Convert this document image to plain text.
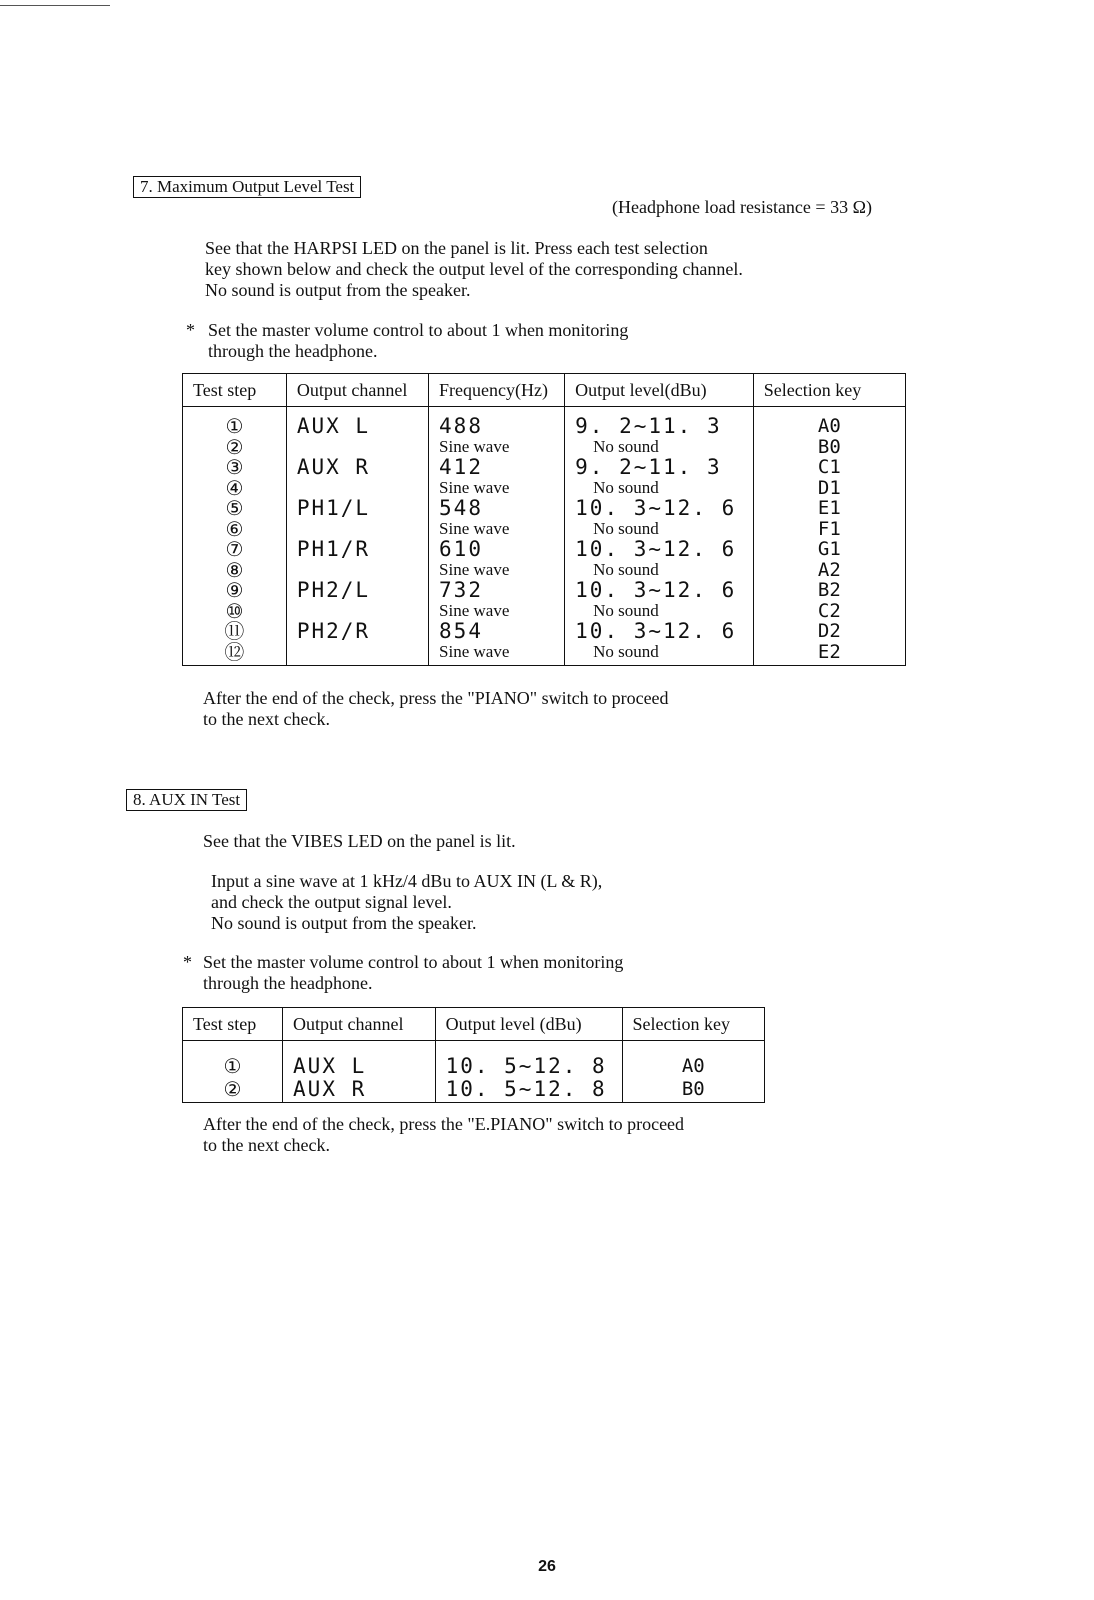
7. Maximum Output Level Test
(Headphone load resistance = 33 Ω)
See that the HARPSI LED on the panel is lit. Press each test selection
key shown below and check the output level of the corresponding channel.
No sound is output from the speaker.
* Set the master volume control to about 1 when monitoring
through the headphone.
Test step	Output channel	Frequency(Hz)	Output level(dBu)	Selection key
①	AUX L	488	9. 2~11. 3	A0
②		Sine wave	No sound	B0
③	AUX R	412	9. 2~11. 3	C1
④		Sine wave	No sound	D1
⑤	PH1/L	548	10. 3~12. 6	E1
⑥		Sine wave	No sound	F1
⑦	PH1/R	610	10. 3~12. 6	G1
⑧		Sine wave	No sound	A2
⑨	PH2/L	732	10. 3~12. 6	B2
⑩		Sine wave	No sound	C2
⑪	PH2/R	854	10. 3~12. 6	D2
⑫		Sine wave	No sound	E2
After the end of the check, press the "PIANO" switch to proceed
to the next check.
8. AUX IN Test
See that the VIBES LED on the panel is lit.
Input a sine wave at 1 kHz/4 dBu to AUX IN (L & R),
and check the output signal level.
No sound is output from the speaker.
* Set the master volume control to about 1 when monitoring
through the headphone.
Test step	Output channel	Output level (dBu)	Selection key
①	AUX L	10. 5~12. 8	A0
②	AUX R	10. 5~12. 8	B0
After the end of the check, press the "E.PIANO" switch to proceed
to the next check.
26
